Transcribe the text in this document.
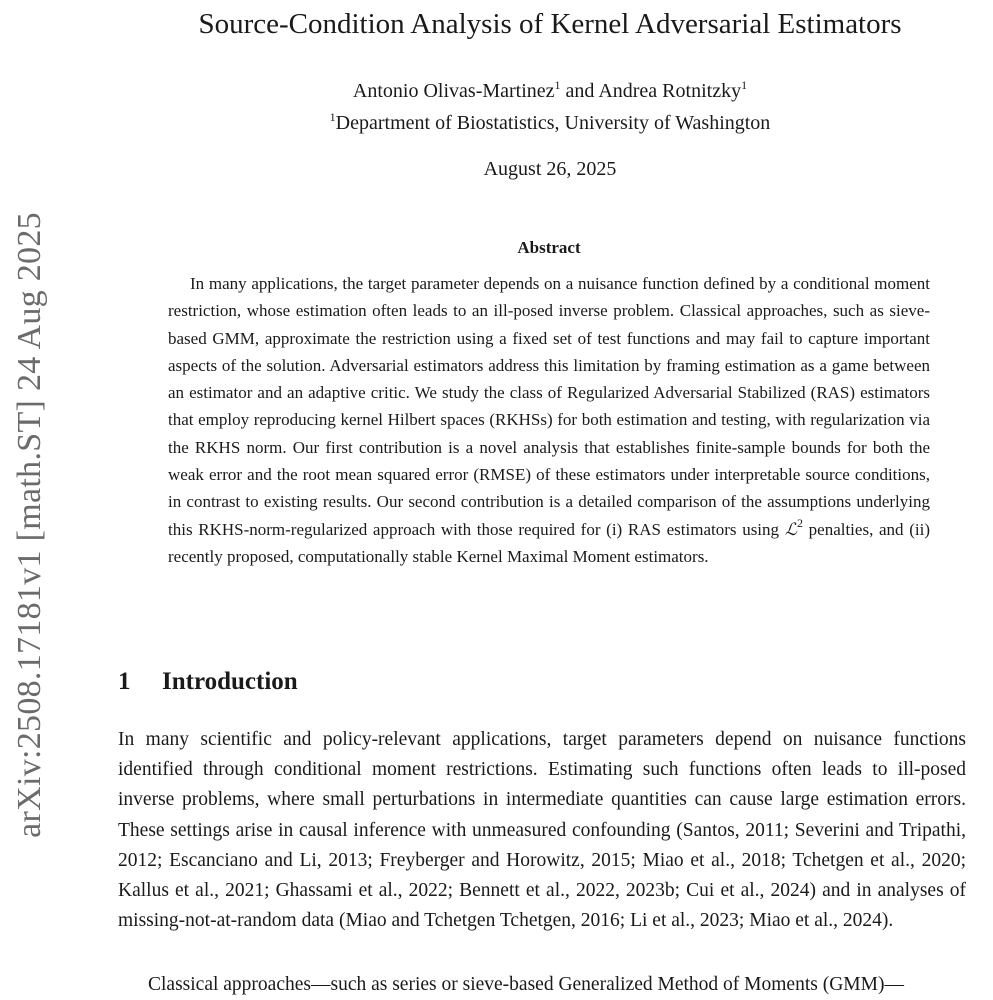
arXiv:2508.17181v1 [math.ST] 24 Aug 2025
Source-Condition Analysis of Kernel Adversarial Estimators
Antonio Olivas-Martinez$^1$ and Andrea Rotnitzky$^1$
$^1$Department of Biostatistics, University of Washington
August 26, 2025
Abstract

In many applications, the target parameter depends on a nuisance function defined by a conditional moment restriction, whose estimation often leads to an ill-posed inverse problem. Classical approaches, such as sieve-based GMM, approximate the restriction using a fixed set of test functions and may fail to capture important aspects of the solution. Adversarial estimators address this limitation by framing estimation as a game between an estimator and an adaptive critic. We study the class of Regularized Adversarial Stabilized (RAS) estimators that employ reproducing kernel Hilbert spaces (RKHSs) for both estimation and testing, with regularization via the RKHS norm. Our first contribution is a novel analysis that establishes finite-sample bounds for both the weak error and the root mean squared error (RMSE) of these estimators under interpretable source conditions, in contrast to existing results. Our second contribution is a detailed comparison of the assumptions underlying this RKHS-norm-regularized approach with those required for (i) RAS estimators using ℒ$^2$ penalties, and (ii) recently proposed, computationally stable Kernel Maximal Moment estimators.

1 Introduction

In many scientific and policy-relevant applications, target parameters depend on nuisance functions identified through conditional moment restrictions. Estimating such functions often leads to ill-posed inverse problems, where small perturbations in intermediate quantities can cause large estimation errors. These settings arise in causal inference with unmeasured confounding (Santos, 2011; Severini and Tripathi, 2012; Escanciano and Li, 2013; Freyberger and Horowitz, 2015; Miao et al., 2018; Tchetgen et al., 2020; Kallus et al., 2021; Ghassami et al., 2022; Bennett et al., 2022, 2023b; Cui et al., 2024) and in analyses of missing-not-at-random data (Miao and Tchetgen Tchetgen, 2016; Li et al., 2023; Miao et al., 2024).

Classical approaches—such as series or sieve-based Generalized Method of Moments (GMM)—
